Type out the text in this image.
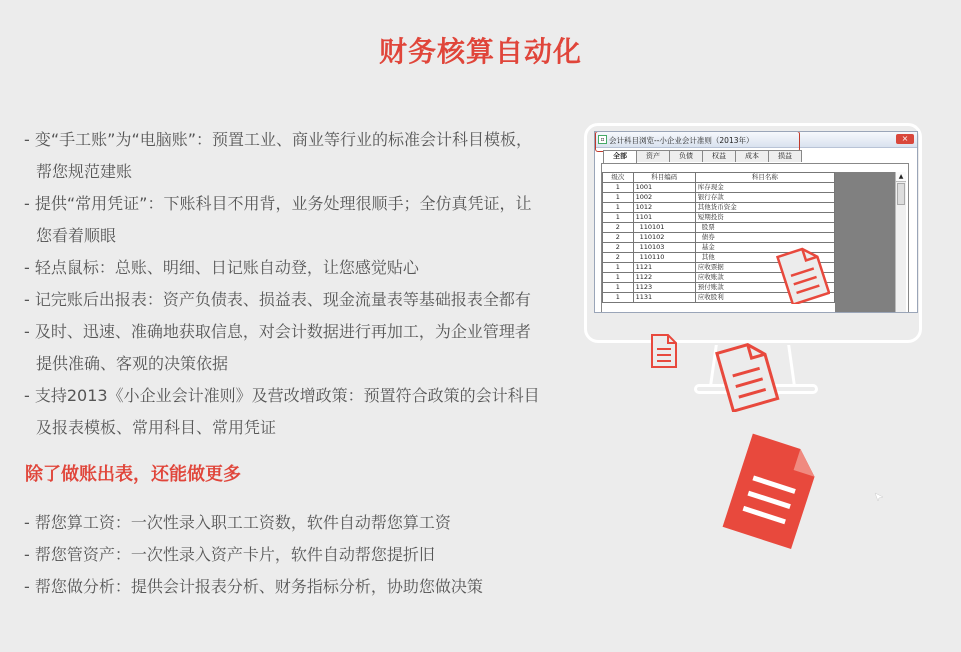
财务核算自动化
- 变“手工账”为“电脑账”：预置工业、商业等行业的标准会计科目模板，帮您规范建账
- 提供“常用凭证”：下账科目不用背，业务处理很顺手；全仿真凭证，让您看着顺眼
- 轻点鼠标：总账、明细、日记账自动登，让您感觉贴心
- 记完账后出报表：资产负债表、损益表、现金流量表等基础报表全都有
- 及时、迅速、准确地获取信息，对会计数据进行再加工，为企业管理者提供准确、客观的决策依据
- 支持2013《小企业会计准则》及营改增政策：预置符合政策的会计科目及报表模板、常用科目、常用凭证
除了做账出表，还能做更多
- 帮您算工资：一次性录入职工工资数，软件自动帮您算工资
- 帮您管资产：一次性录入资产卡片，软件自动帮您提折旧
- 帮您做分析：提供会计报表分析、财务指标分析，协助您做决策
▫ 会计科目浏览--小企业会计准则（2013年）	×
全部	资产	负债	权益	成本	损益
级次	科目编码	科目名称
1	1001	库存现金
1	1002	银行存款
1	1012	其他货币资金
1	1101	短期投资
2	110101	股票
2	110102	债券
2	110103	基金
2	110110	其他
1	1121	应收票据
1	1122	应收账款
1	1123	预付账款
1	1131	应收股利
▲
